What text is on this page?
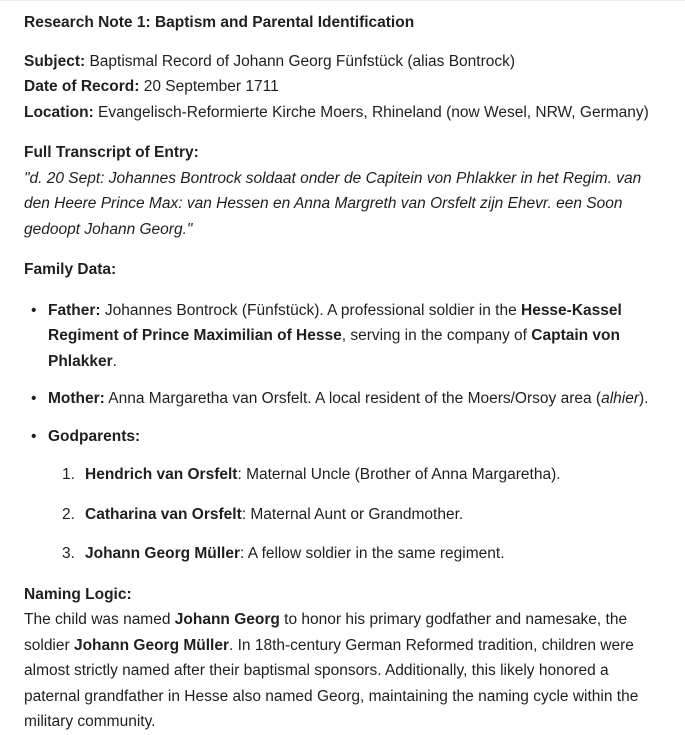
Research Note 1: Baptism and Parental Identification

Subject: Baptismal Record of Johann Georg Fünfstück (alias Bontrock)
Date of Record: 20 September 1711
Location: Evangelisch-Reformierte Kirche Moers, Rhineland (now Wesel, NRW, Germany)

Full Transcript of Entry:
"d. 20 Sept: Johannes Bontrock soldaat onder de Capitein von Phlakker in het Regim. van den Heere Prince Max: van Hessen en Anna Margreth van Orsfelt zijn Ehevr. een Soon gedoopt Johann Georg."

Family Data:

• Father: Johannes Bontrock (Fünfstück). A professional soldier in the Hesse-Kassel Regiment of Prince Maximilian of Hesse, serving in the company of Captain von Phlakker.
• Mother: Anna Margaretha van Orsfelt. A local resident of the Moers/Orsoy area (alhier).
• Godparents:
1. Hendrich van Orsfelt: Maternal Uncle (Brother of Anna Margaretha).
2. Catharina van Orsfelt: Maternal Aunt or Grandmother.
3. Johann Georg Müller: A fellow soldier in the same regiment.

Naming Logic:
The child was named Johann Georg to honor his primary godfather and namesake, the soldier Johann Georg Müller. In 18th-century German Reformed tradition, children were almost strictly named after their baptismal sponsors. Additionally, this likely honored a paternal grandfather in Hesse also named Georg, maintaining the naming cycle within the military community.
